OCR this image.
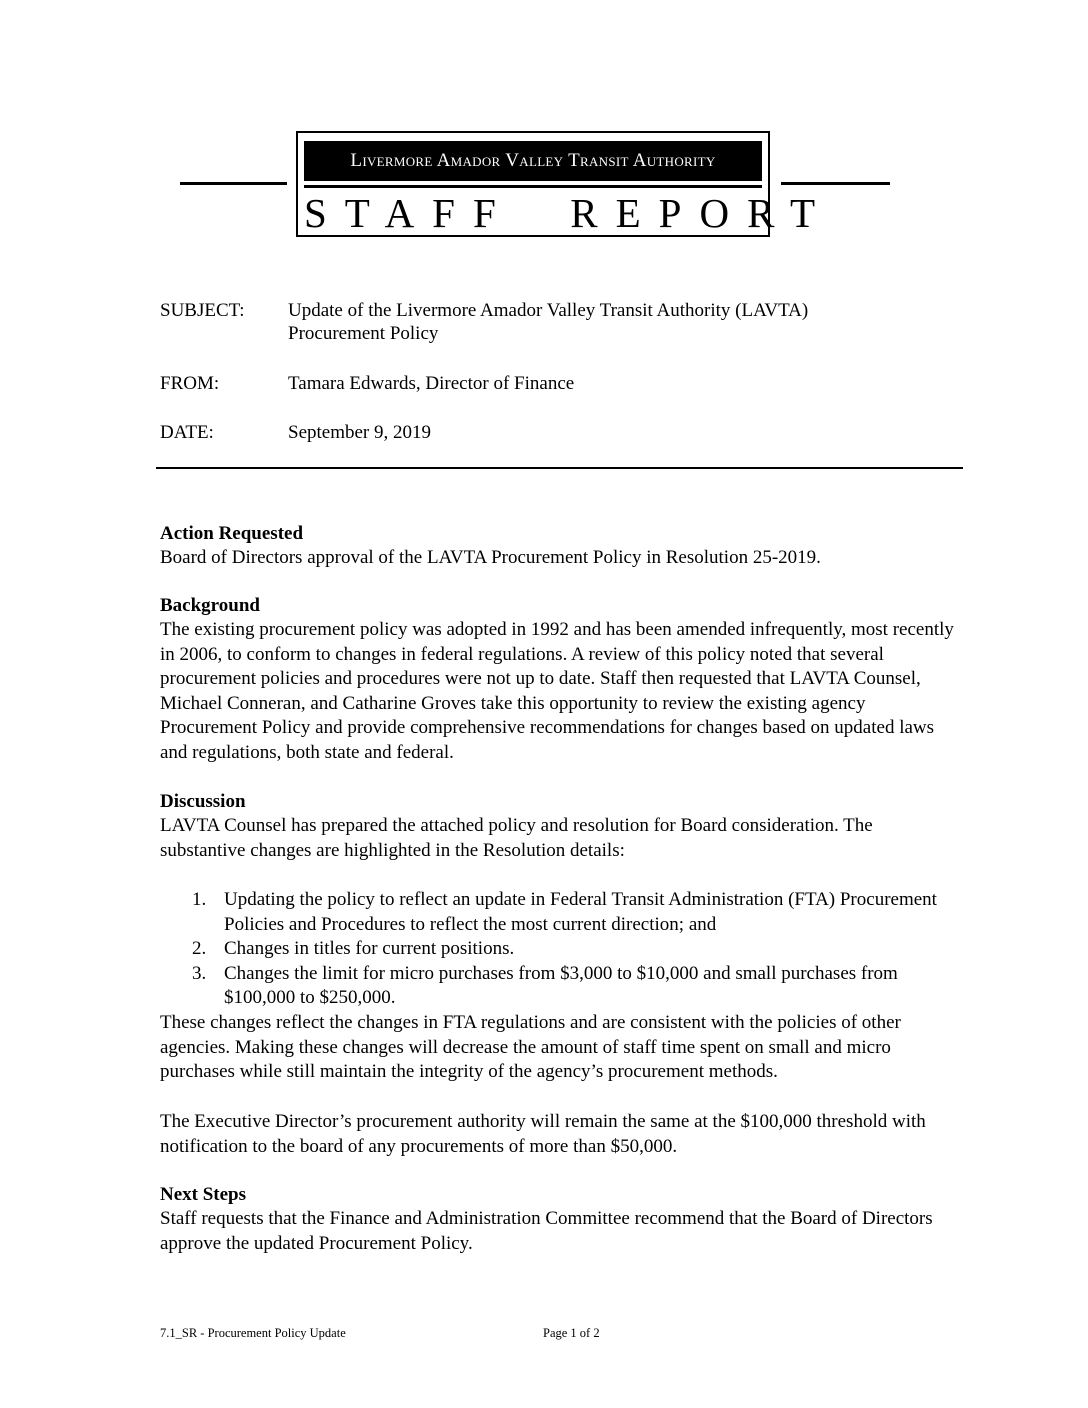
Livermore Amador Valley Transit Authority
STAFF  REPORT
SUBJECT: Update of the Livermore Amador Valley Transit Authority (LAVTA) Procurement Policy
FROM:	Tamara Edwards, Director of Finance
DATE:	September 9, 2019
Action Requested
Board of Directors approval of the LAVTA Procurement Policy in Resolution 25-2019.
Background
The existing procurement policy was adopted in 1992 and has been amended infrequently, most recently in 2006, to conform to changes in federal regulations. A review of this policy noted that several procurement policies and procedures were not up to date. Staff then requested that LAVTA Counsel, Michael Conneran, and Catharine Groves take this opportunity to review the existing agency Procurement Policy and provide comprehensive recommendations for changes based on updated laws and regulations, both state and federal.
Discussion
LAVTA Counsel has prepared the attached policy and resolution for Board consideration. The substantive changes are highlighted in the Resolution details:
1. Updating the policy to reflect an update in Federal Transit Administration (FTA) Procurement Policies and Procedures to reflect the most current direction; and
2. Changes in titles for current positions.
3. Changes the limit for micro purchases from $3,000 to $10,000 and small purchases from $100,000 to $250,000.
These changes reflect the changes in FTA regulations and are consistent with the policies of other agencies. Making these changes will decrease the amount of staff time spent on small and micro purchases while still maintain the integrity of the agency’s procurement methods.
The Executive Director’s procurement authority will remain the same at the $100,000 threshold with notification to the board of any procurements of more than $50,000.
Next Steps
Staff requests that the Finance and Administration Committee recommend that the Board of Directors approve the updated Procurement Policy.
7.1_SR - Procurement Policy Update	Page 1 of 2
